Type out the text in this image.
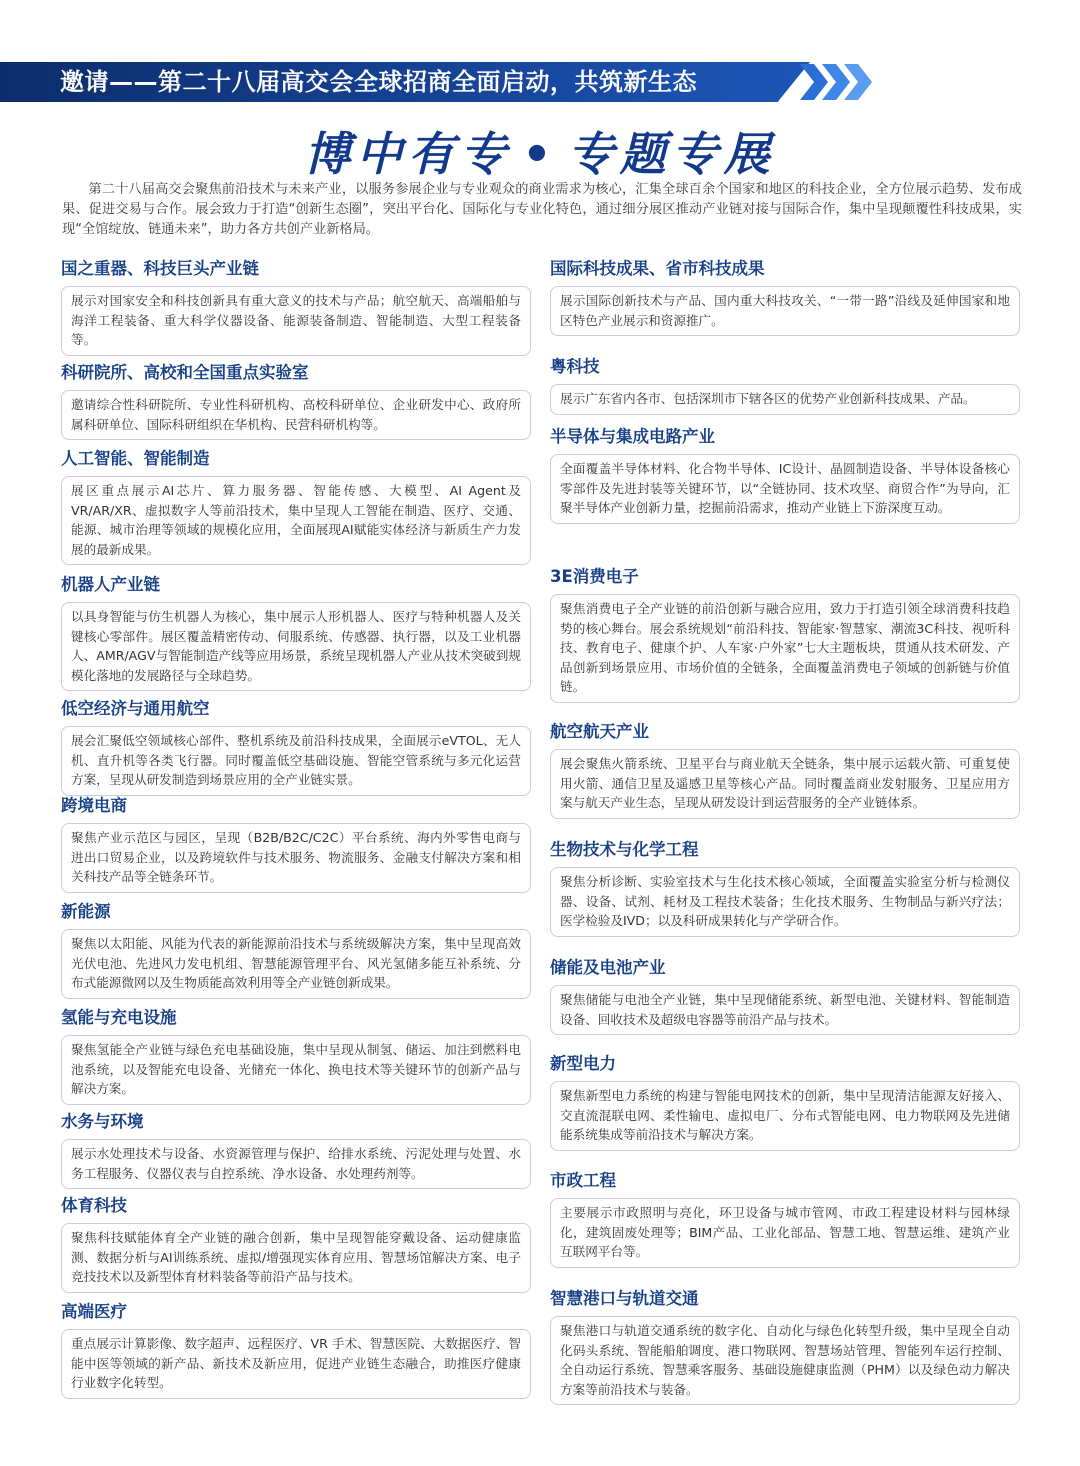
邀请——第二十八届高交会全球招商全面启动，共筑新生态
博中有专 • 专题专展
第二十八届高交会聚焦前沿技术与未来产业，以服务参展企业与专业观众的商业需求为核心，汇集全球百余个国家和地区的科技企业，全方位展示趋势、发布成果、促进交易与合作。展会致力于打造“创新生态圈”，突出平台化、国际化与专业化特色，通过细分展区推动产业链对接与国际合作，集中呈现颠覆性科技成果，实现“全馆绽放、链通未来”，助力各方共创产业新格局。
国之重器、科技巨头产业链
展示对国家安全和科技创新具有重大意义的技术与产品；航空航天、高端船舶与海洋工程装备、重大科学仪器设备、能源装备制造、智能制造、大型工程装备等。
科研院所、高校和全国重点实验室
邀请综合性科研院所、专业性科研机构、高校科研单位、企业研发中心、政府所属科研单位、国际科研组织在华机构、民营科研机构等。
人工智能、智能制造
展区重点展示AI芯片、算力服务器、智能传感、大模型、AI Agent及VR/AR/XR、虚拟数字人等前沿技术，集中呈现人工智能在制造、医疗、交通、能源、城市治理等领域的规模化应用，全面展现AI赋能实体经济与新质生产力发展的最新成果。
机器人产业链
以具身智能与仿生机器人为核心，集中展示人形机器人、医疗与特种机器人及关键核心零部件。展区覆盖精密传动、伺服系统、传感器、执行器，以及工业机器人、AMR/AGV与智能制造产线等应用场景，系统呈现机器人产业从技术突破到规模化落地的发展路径与全球趋势。
低空经济与通用航空
展会汇聚低空领域核心部件、整机系统及前沿科技成果，全面展示eVTOL、无人机、直升机等各类飞行器。同时覆盖低空基础设施、智能空管系统与多元化运营方案，呈现从研发制造到场景应用的全产业链实景。
跨境电商
聚焦产业示范区与园区，呈现（B2B/B2C/C2C）平台系统、海内外零售电商与进出口贸易企业，以及跨境软件与技术服务、物流服务、金融支付解决方案和相关科技产品等全链条环节。
新能源
聚焦以太阳能、风能为代表的新能源前沿技术与系统级解决方案，集中呈现高效光伏电池、先进风力发电机组、智慧能源管理平台、风光氢储多能互补系统、分布式能源微网以及生物质能高效利用等全产业链创新成果。
氢能与充电设施
聚焦氢能全产业链与绿色充电基础设施，集中呈现从制氢、储运、加注到燃料电池系统，以及智能充电设备、光储充一体化、换电技术等关键环节的创新产品与解决方案。
水务与环境
展示水处理技术与设备、水资源管理与保护、给排水系统、污泥处理与处置、水务工程服务、仪器仪表与自控系统、净水设备、水处理药剂等。
体育科技
聚焦科技赋能体育全产业链的融合创新，集中呈现智能穿戴设备、运动健康监测、数据分析与AI训练系统、虚拟/增强现实体育应用、智慧场馆解决方案、电子竞技技术以及新型体育材料装备等前沿产品与技术。
高端医疗
重点展示计算影像、数字超声、远程医疗、VR 手术、智慧医院、大数据医疗、智能中医等领域的新产品、新技术及新应用，促进产业链生态融合，助推医疗健康行业数字化转型。
国际科技成果、省市科技成果
展示国际创新技术与产品、国内重大科技攻关、“一带一路”沿线及延伸国家和地区特色产业展示和资源推广。
粤科技
展示广东省内各市、包括深圳市下辖各区的优势产业创新科技成果、产品。
半导体与集成电路产业
全面覆盖半导体材料、化合物半导体、IC设计、晶圆制造设备、半导体设备核心零部件及先进封装等关键环节，以“全链协同、技术攻坚、商贸合作”为导向，汇聚半导体产业创新力量，挖掘前沿需求，推动产业链上下游深度互动。
3E消费电子
聚焦消费电子全产业链的前沿创新与融合应用，致力于打造引领全球消费科技趋势的核心舞台。展会系统规划“前沿科技、智能家·智慧家、潮流3C科技、视听科技、教育电子、健康个护、人车家·户外家”七大主题板块，贯通从技术研发、产品创新到场景应用、市场价值的全链条，全面覆盖消费电子领域的创新链与价值链。
航空航天产业
展会聚焦火箭系统、卫星平台与商业航天全链条，集中展示运载火箭、可重复使用火箭、通信卫星及遥感卫星等核心产品。同时覆盖商业发射服务、卫星应用方案与航天产业生态，呈现从研发设计到运营服务的全产业链体系。
生物技术与化学工程
聚焦分析诊断、实验室技术与生化技术核心领域，全面覆盖实验室分析与检测仪器、设备、试剂、耗材及工程技术装备；生化技术服务、生物制品与新兴疗法；医学检验及IVD；以及科研成果转化与产学研合作。
储能及电池产业
聚焦储能与电池全产业链，集中呈现储能系统、新型电池、关键材料、智能制造设备、回收技术及超级电容器等前沿产品与技术。
新型电力
聚焦新型电力系统的构建与智能电网技术的创新，集中呈现清洁能源友好接入、交直流混联电网、柔性输电、虚拟电厂、分布式智能电网、电力物联网及先进储能系统集成等前沿技术与解决方案。
市政工程
主要展示市政照明与亮化，环卫设备与城市管网、市政工程建设材料与园林绿化，建筑固废处理等；BIM产品、工业化部品、智慧工地、智慧运维、建筑产业互联网平台等。
智慧港口与轨道交通
聚焦港口与轨道交通系统的数字化、自动化与绿色化转型升级，集中呈现全自动化码头系统、智能船舶调度、港口物联网、智慧场站管理、智能列车运行控制、全自动运行系统、智慧乘客服务、基础设施健康监测（PHM）以及绿色动力解决方案等前沿技术与装备。
